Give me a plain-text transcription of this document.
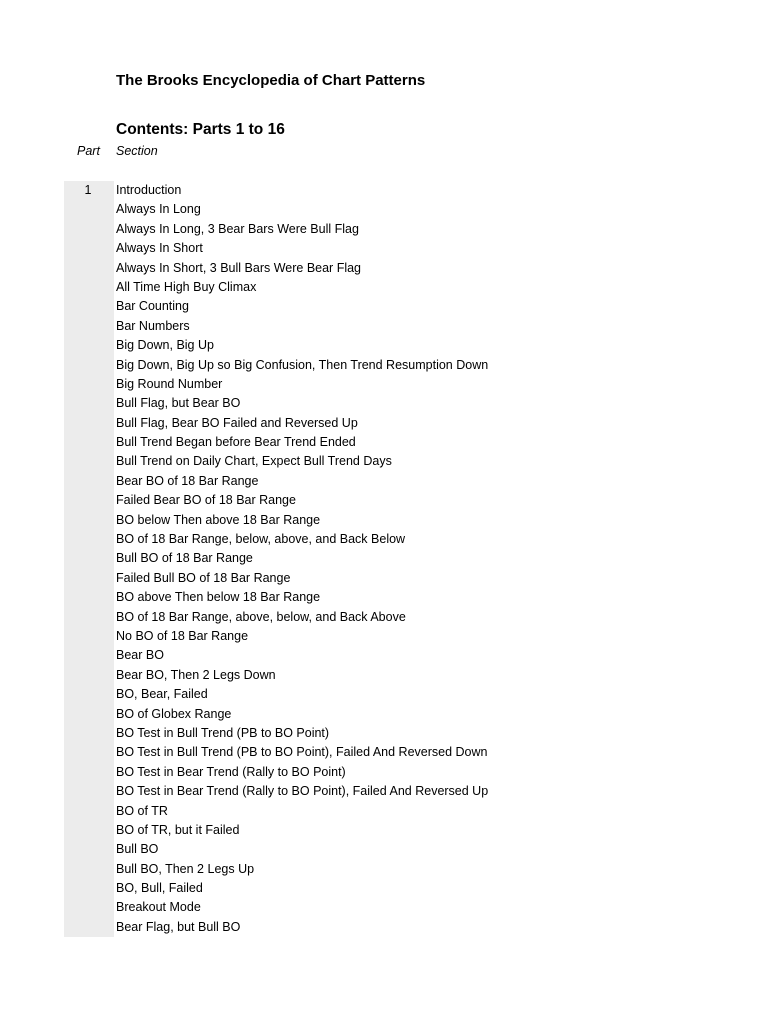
The Brooks Encyclopedia of Chart Patterns
Contents: Parts 1 to 16
Part Section
1	Introduction
Always In Long
Always In Long, 3 Bear Bars Were Bull Flag
Always In Short
Always In Short, 3 Bull Bars Were Bear Flag
All Time High Buy Climax
Bar Counting
Bar Numbers
Big Down, Big Up
Big Down, Big Up so Big Confusion, Then Trend Resumption Down
Big Round Number
Bull Flag, but Bear BO
Bull Flag, Bear BO Failed and Reversed Up
Bull Trend Began before Bear Trend Ended
Bull Trend on Daily Chart, Expect Bull Trend Days
Bear BO of 18 Bar Range
Failed Bear BO of 18 Bar Range
BO below Then above 18 Bar Range
BO of 18 Bar Range, below, above, and Back Below
Bull BO of 18 Bar Range
Failed Bull BO of 18 Bar Range
BO above Then below 18 Bar Range
BO of 18 Bar Range, above, below, and Back Above
No BO of 18 Bar Range
Bear BO
Bear BO, Then 2 Legs Down
BO, Bear, Failed
BO of Globex Range
BO Test in Bull Trend (PB to BO Point)
BO Test in Bull Trend (PB to BO Point), Failed And Reversed Down
BO Test in Bear Trend (Rally to BO Point)
BO Test in Bear Trend (Rally to BO Point), Failed And Reversed Up
BO of TR
BO of TR, but it Failed
Bull BO
Bull BO, Then 2 Legs Up
BO, Bull, Failed
Breakout Mode
Bear Flag, but Bull BO
